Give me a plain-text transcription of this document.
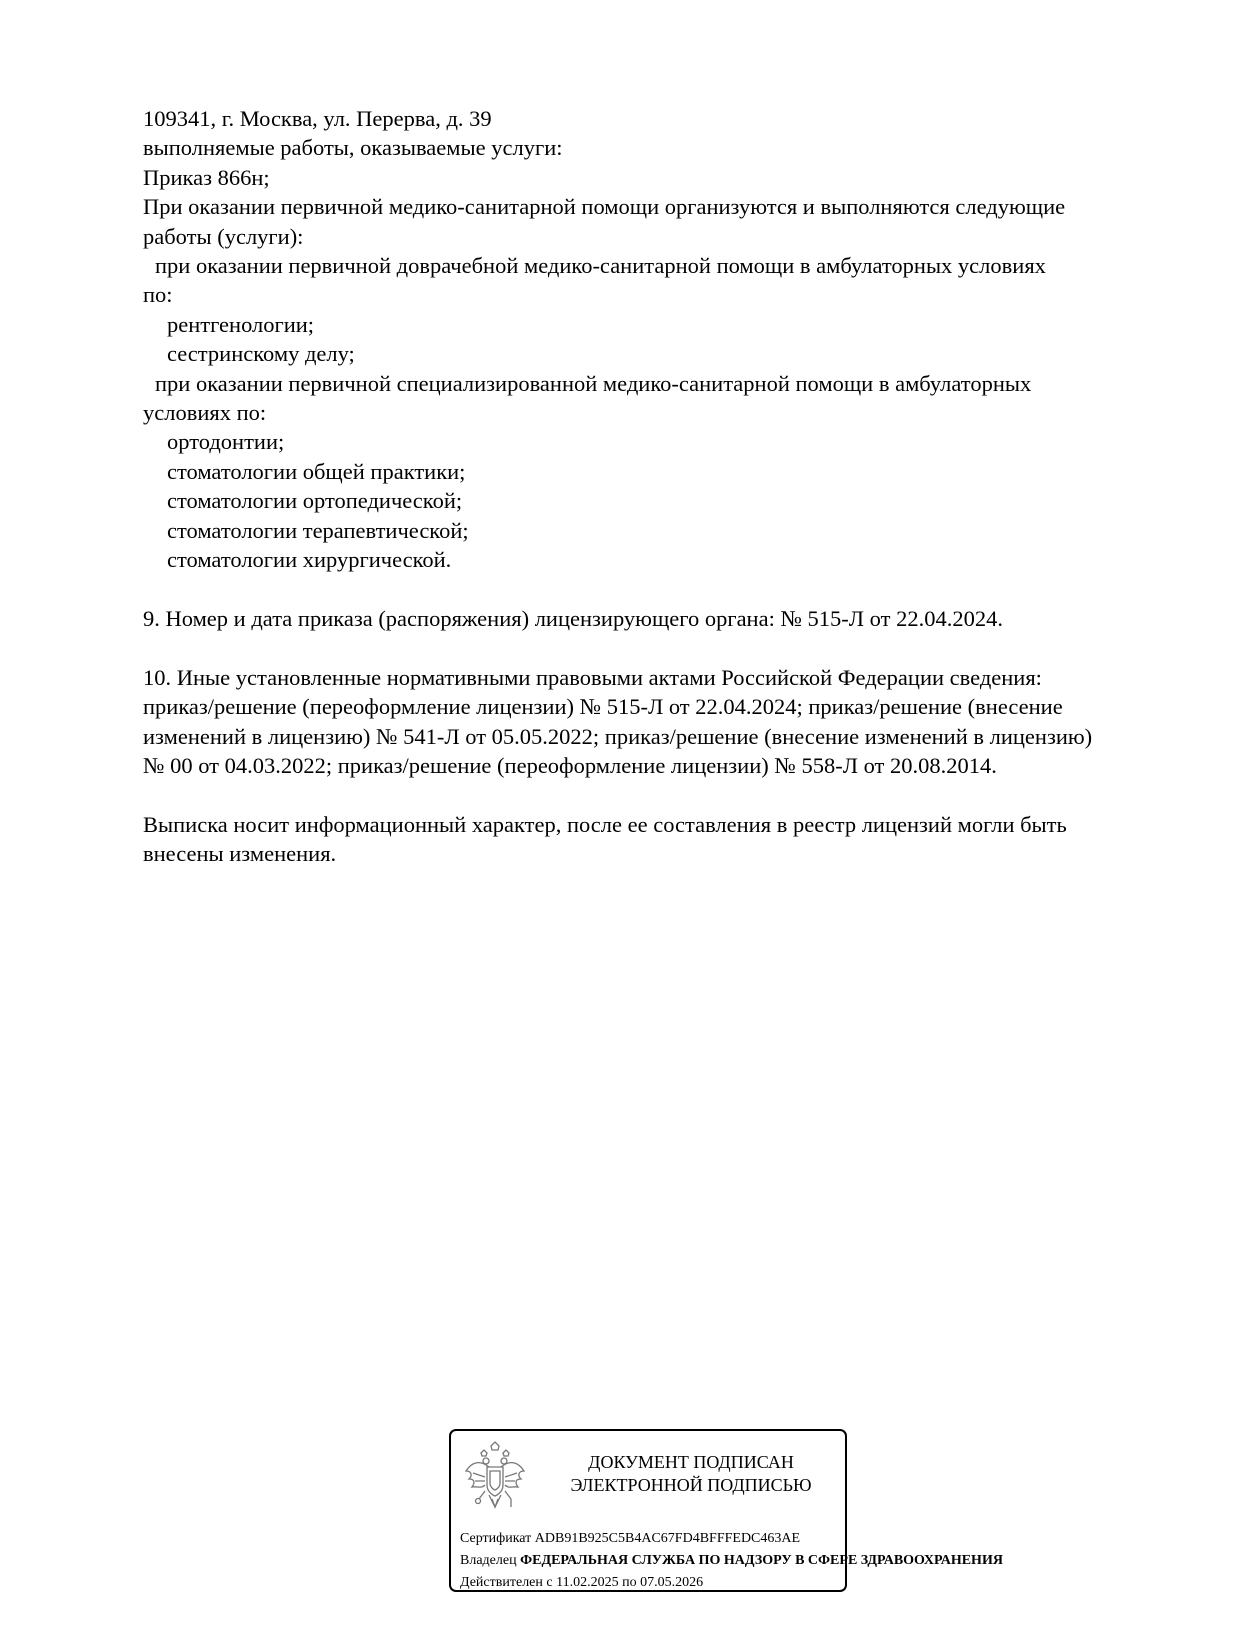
109341, г. Москва, ул. Перерва, д. 39
выполняемые работы, оказываемые услуги:
Приказ 866н;
При оказании первичной медико-санитарной помощи организуются и выполняются следующие
работы (услуги):
при оказании первичной доврачебной медико-санитарной помощи в амбулаторных условиях
по:
рентгенологии;
сестринскому делу;
при оказании первичной специализированной медико-санитарной помощи в амбулаторных
условиях по:
ортодонтии;
стоматологии общей практики;
стоматологии ортопедической;
стоматологии терапевтической;
стоматологии хирургической.
9. Номер и дата приказа (распоряжения) лицензирующего органа: № 515-Л от 22.04.2024.
10. Иные установленные нормативными правовыми актами Российской Федерации сведения:
приказ/решение (переоформление лицензии) № 515-Л от 22.04.2024; приказ/решение (внесение
изменений в лицензию) № 541-Л от 05.05.2022; приказ/решение (внесение изменений в лицензию)
№ 00 от 04.03.2022; приказ/решение (переоформление лицензии) № 558-Л от 20.08.2014.
Выписка носит информационный характер, после ее составления в реестр лицензий могли быть
внесены изменения.
ДОКУМЕНТ ПОДПИСАН
ЭЛЕКТРОННОЙ ПОДПИСЬЮ
Сертификат ADB91B925C5B4AC67FD4BFFFEDC463AE
Владелец ФЕДЕРАЛЬНАЯ СЛУЖБА ПО НАДЗОРУ В СФЕРЕ ЗДРАВООХРАНЕНИЯ
Действителен с 11.02.2025 по 07.05.2026
